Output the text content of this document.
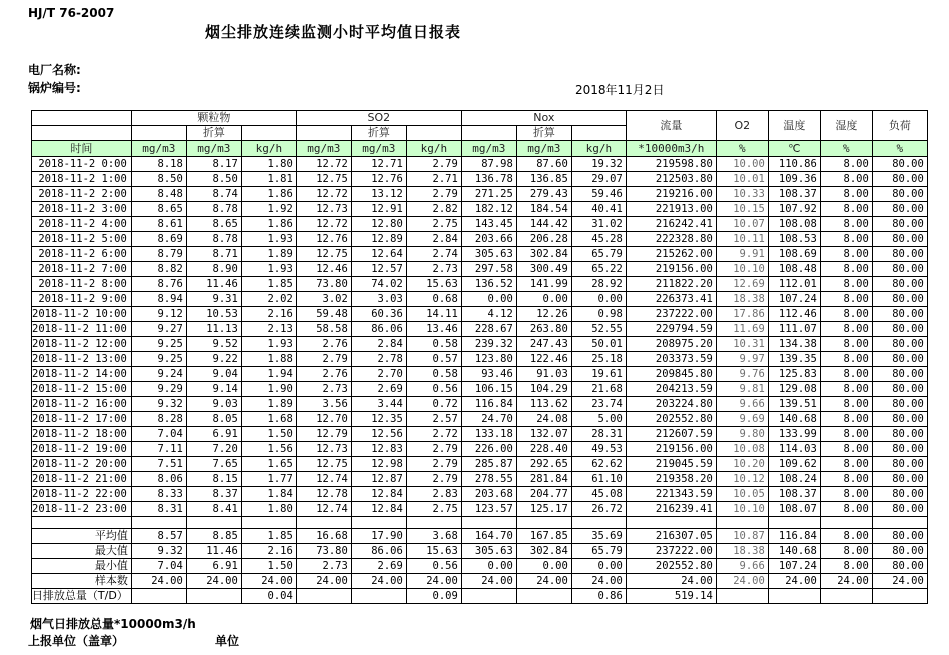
HJ/T 76-2007
烟尘排放连续监测小时平均值日报表
电厂名称:
锅炉编号:	2018年11月2日
	颗粒物			SO2			Nox			流量	O2	温度	湿度	负荷
		折算			折算			折算						
时间	mg/m3	mg/m3	kg/h	mg/m3	mg/m3	kg/h	mg/m3	mg/m3	kg/h	*10000m3/h	%	℃	%	%
2018-11-2 0:00	8.18	8.17	1.80	12.72	12.71	2.79	87.98	87.60	19.32	219598.80	10.00	110.86	8.00	80.00
2018-11-2 1:00	8.50	8.50	1.81	12.75	12.76	2.71	136.78	136.85	29.07	212503.80	10.01	109.36	8.00	80.00
2018-11-2 2:00	8.48	8.74	1.86	12.72	13.12	2.79	271.25	279.43	59.46	219216.00	10.33	108.37	8.00	80.00
2018-11-2 3:00	8.65	8.78	1.92	12.73	12.91	2.82	182.12	184.54	40.41	221913.00	10.15	107.92	8.00	80.00
2018-11-2 4:00	8.61	8.65	1.86	12.72	12.80	2.75	143.45	144.42	31.02	216242.41	10.07	108.08	8.00	80.00
2018-11-2 5:00	8.69	8.78	1.93	12.76	12.89	2.84	203.66	206.28	45.28	222328.80	10.11	108.53	8.00	80.00
2018-11-2 6:00	8.79	8.71	1.89	12.75	12.64	2.74	305.63	302.84	65.79	215262.00	9.91	108.69	8.00	80.00
2018-11-2 7:00	8.82	8.90	1.93	12.46	12.57	2.73	297.58	300.49	65.22	219156.00	10.10	108.48	8.00	80.00
2018-11-2 8:00	8.76	11.46	1.85	73.80	74.02	15.63	136.52	141.99	28.92	211822.20	12.69	112.01	8.00	80.00
2018-11-2 9:00	8.94	9.31	2.02	3.02	3.03	0.68	0.00	0.00	0.00	226373.41	18.38	107.24	8.00	80.00
2018-11-2 10:00	9.12	10.53	2.16	59.48	60.36	14.11	4.12	12.26	0.98	237222.00	17.86	112.46	8.00	80.00
2018-11-2 11:00	9.27	11.13	2.13	58.58	86.06	13.46	228.67	263.80	52.55	229794.59	11.69	111.07	8.00	80.00
2018-11-2 12:00	9.25	9.52	1.93	2.76	2.84	0.58	239.32	247.43	50.01	208975.20	10.31	134.38	8.00	80.00
2018-11-2 13:00	9.25	9.22	1.88	2.79	2.78	0.57	123.80	122.46	25.18	203373.59	9.97	139.35	8.00	80.00
2018-11-2 14:00	9.24	9.04	1.94	2.76	2.70	0.58	93.46	91.03	19.61	209845.80	9.76	125.83	8.00	80.00
2018-11-2 15:00	9.29	9.14	1.90	2.73	2.69	0.56	106.15	104.29	21.68	204213.59	9.81	129.08	8.00	80.00
2018-11-2 16:00	9.32	9.03	1.89	3.56	3.44	0.72	116.84	113.62	23.74	203224.80	9.66	139.51	8.00	80.00
2018-11-2 17:00	8.28	8.05	1.68	12.70	12.35	2.57	24.70	24.08	5.00	202552.80	9.69	140.68	8.00	80.00
2018-11-2 18:00	7.04	6.91	1.50	12.79	12.56	2.72	133.18	132.07	28.31	212607.59	9.80	133.99	8.00	80.00
2018-11-2 19:00	7.11	7.20	1.56	12.73	12.83	2.79	226.00	228.40	49.53	219156.00	10.08	114.03	8.00	80.00
2018-11-2 20:00	7.51	7.65	1.65	12.75	12.98	2.79	285.87	292.65	62.62	219045.59	10.20	109.62	8.00	80.00
2018-11-2 21:00	8.06	8.15	1.77	12.74	12.87	2.79	278.55	281.84	61.10	219358.20	10.12	108.24	8.00	80.00
2018-11-2 22:00	8.33	8.37	1.84	12.78	12.84	2.83	203.68	204.77	45.08	221343.59	10.05	108.37	8.00	80.00
2018-11-2 23:00	8.31	8.41	1.80	12.74	12.84	2.75	123.57	125.17	26.72	216239.41	10.10	108.07	8.00	80.00

平均值	8.57	8.85	1.85	16.68	17.90	3.68	164.70	167.85	35.69	216307.05	10.87	116.84	8.00	80.00

最大值	9.32	11.46	2.16	73.80	86.06	15.63	305.63	302.84	65.79	237222.00	18.38	140.68	8.00	80.00

最小值	7.04	6.91	1.50	2.73	2.69	0.56	0.00	0.00	0.00	202552.80	9.66	107.24	8.00	80.00

样本数	24.00	24.00	24.00	24.00	24.00	24.00	24.00	24.00	24.00	24.00	24.00	24.00	24.00	24.00

日排放总量（T/D）			0.04			0.09			0.86	519.14				
烟气日排放总量*10000m3/h
上报单位（盖章）	单位
